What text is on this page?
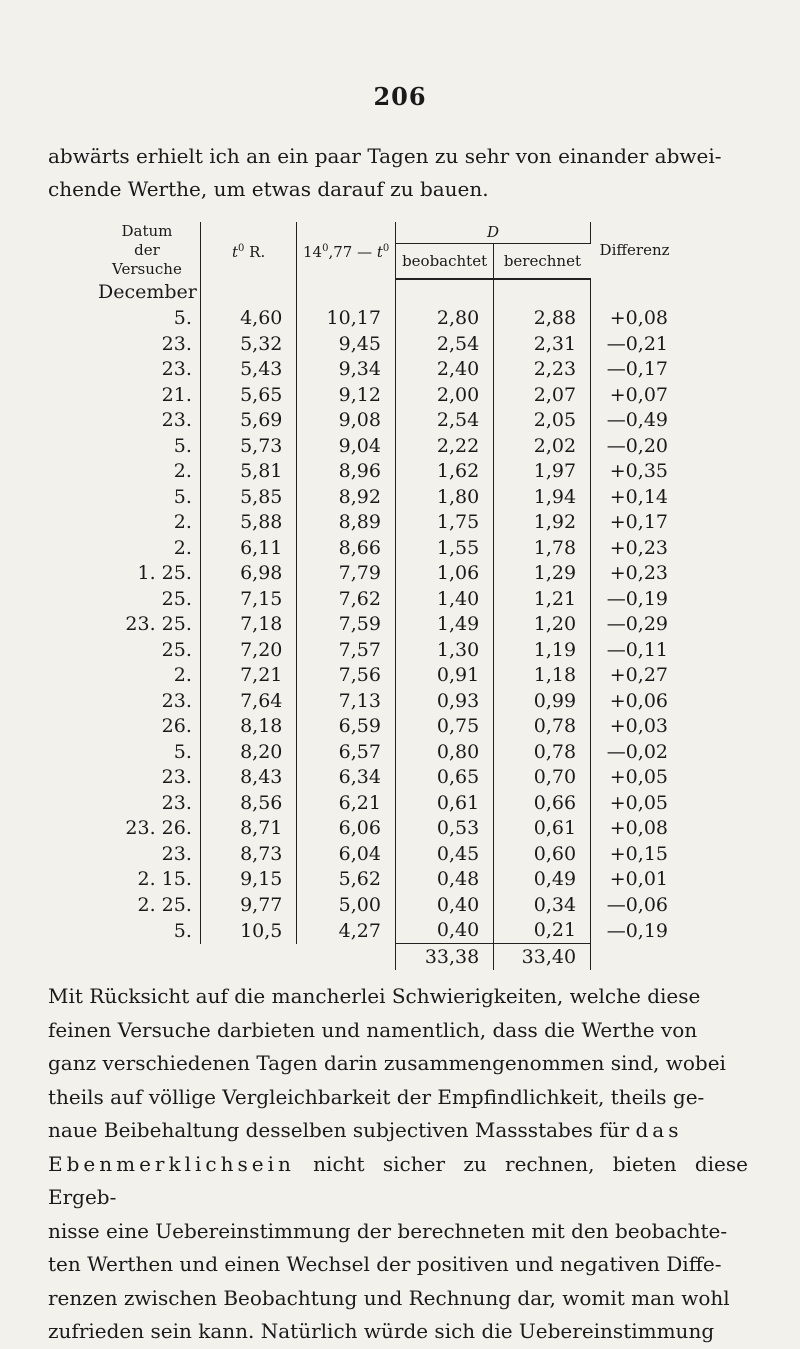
206

abwärts erhielt ich an ein paar Tagen zu sehr von einander abwei-

chende Werthe, um etwas darauf zu bauen.

Datum
der
Versuche	$t^0$ R.	$14^0,77$ — $t^0$	D		Differenz
			beobachtet	berechnet	
December					
5.	4,60	10,17	2,80	2,88	+0,08
23.	5,32	9,45	2,54	2,31	—0,21
23.	5,43	9,34	2,40	2,23	—0,17
21.	5,65	9,12	2,00	2,07	+0,07
23.	5,69	9,08	2,54	2,05	—0,49
5.	5,73	9,04	2,22	2,02	—0,20
2.	5,81	8,96	1,62	1,97	+0,35
5.	5,85	8,92	1,80	1,94	+0,14
2.	5,88	8,89	1,75	1,92	+0,17
2.	6,11	8,66	1,55	1,78	+0,23
1. 25.	6,98	7,79	1,06	1,29	+0,23
25.	7,15	7,62	1,40	1,21	—0,19
23. 25.	7,18	7,59	1,49	1,20	—0,29
25.	7,20	7,57	1,30	1,19	—0,11
2.	7,21	7,56	0,91	1,18	+0,27
23.	7,64	7,13	0,93	0,99	+0,06
26.	8,18	6,59	0,75	0,78	+0,03
5.	8,20	6,57	0,80	0,78	—0,02
23.	8,43	6,34	0,65	0,70	+0,05
23.	8,56	6,21	0,61	0,66	+0,05
23. 26.	8,71	6,06	0,53	0,61	+0,08
23.	8,73	6,04	0,45	0,60	+0,15
2. 15.	9,15	5,62	0,48	0,49	+0,01
2. 25.	9,77	5,00	0,40	0,34	—0,06
5.	10,5	4,27	0,40	0,21	—0,19
			33,38	33,40	

Mit Rücksicht auf die mancherlei Schwierigkeiten, welche diese

feinen Versuche darbieten und namentlich, dass die Werthe von

ganz verschiedenen Tagen darin zusammengenommen sind, wobei

theils auf völlige Vergleichbarkeit der Empfindlichkeit, theils ge-

naue Beibehaltung desselben subjectiven Massstabes für das

Ebenmerklichsein nicht sicher zu rechnen, bieten diese Ergeb-

nisse eine Uebereinstimmung der berechneten mit den beobachte-

ten Werthen und einen Wechsel der positiven und negativen Diffe-

renzen zwischen Beobachtung und Rechnung dar, womit man wohl

zufrieden sein kann. Natürlich würde sich die Uebereinstimmung
